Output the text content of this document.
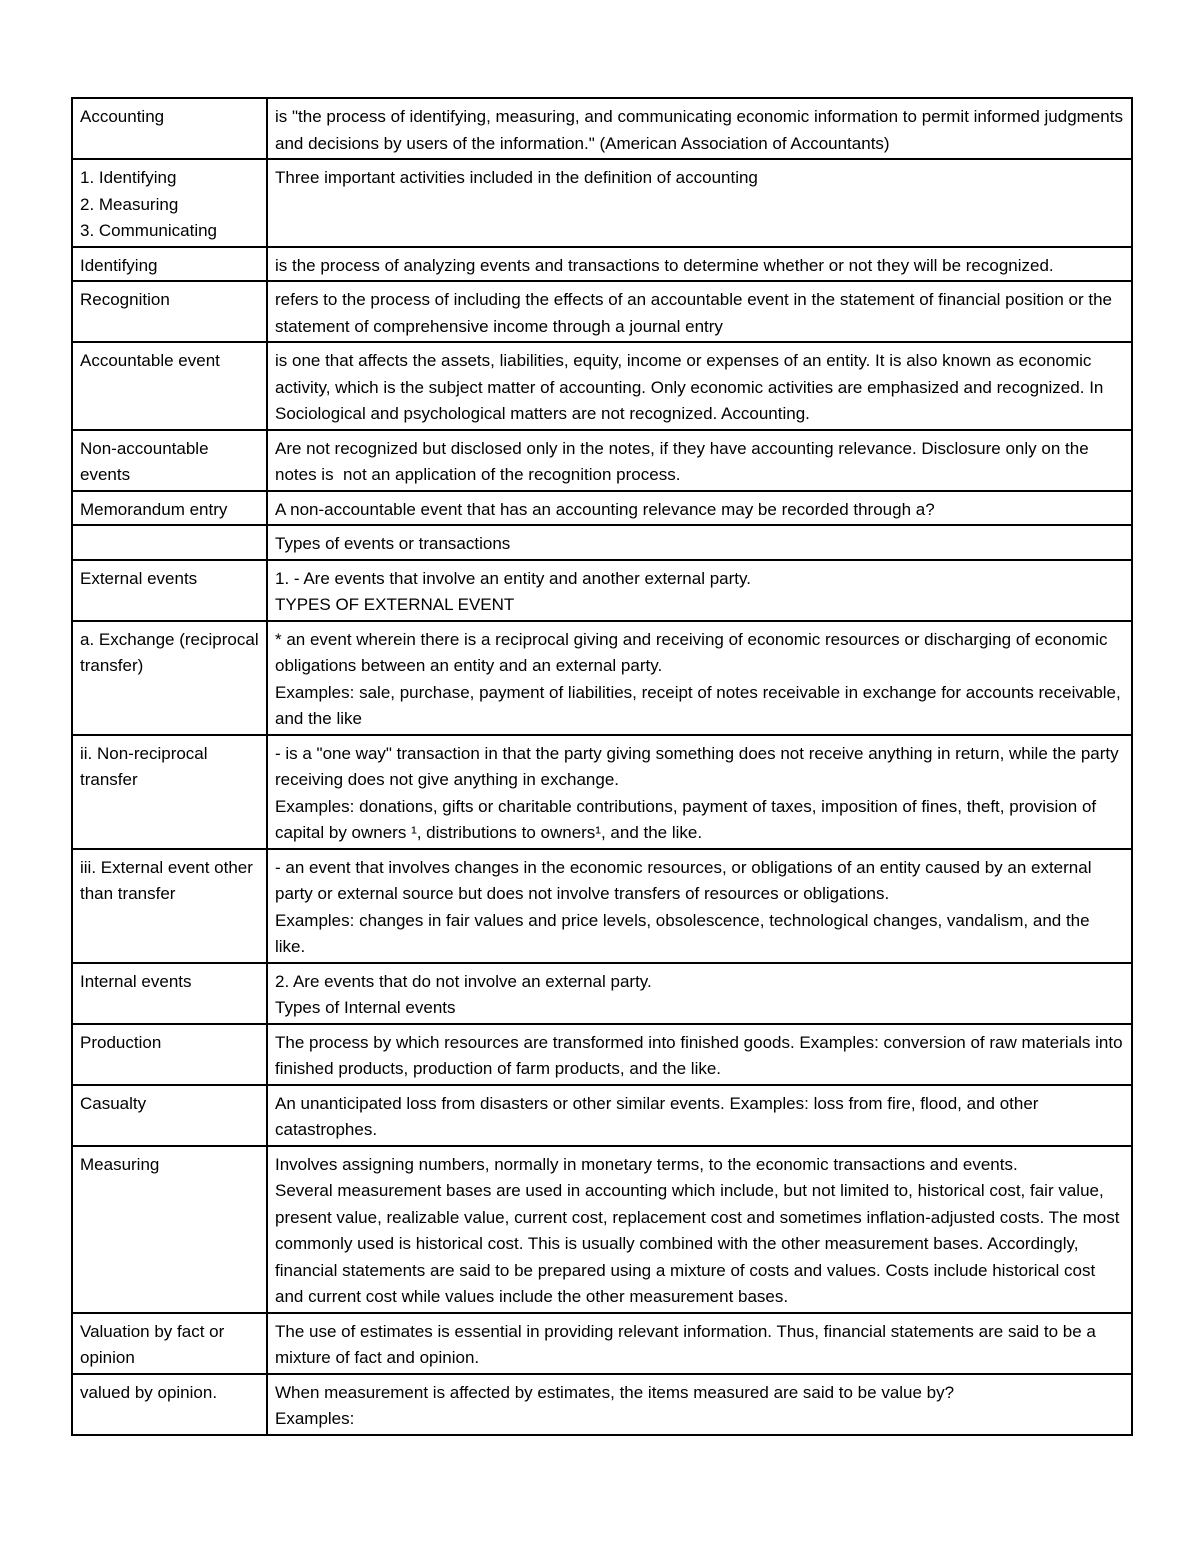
Accounting	is "the process of identifying, measuring, and communicating economic information to permit informed judgments and decisions by users of the information." (American Association of Accountants)

1. Identifying
2. Measuring
3. Communicating	Three important activities included in the definition of accounting

Identifying	is the process of analyzing events and transactions to determine whether or not they will be recognized.

Recognition	refers to the process of including the effects of an accountable event in the statement of financial position or the statement of comprehensive income through a journal entry

Accountable event	is one that affects the assets, liabilities, equity, income or expenses of an entity. It is also known as economic activity, which is the subject matter of accounting. Only economic activities are emphasized and recognized. In Sociological and psychological matters are not recognized. Accounting.

Non-accountable events	Are not recognized but disclosed only in the notes, if they have accounting relevance. Disclosure only on the notes is  not an application of the recognition process.

Memorandum entry	A non-accountable event that has an accounting relevance may be recorded through a?

	Types of events or transactions

External events	1. - Are events that involve an entity and another external party.
TYPES OF EXTERNAL EVENT

a. Exchange (reciprocal transfer)	* an event wherein there is a reciprocal giving and receiving of economic resources or discharging of economic obligations between an entity and an external party.
Examples: sale, purchase, payment of liabilities, receipt of notes receivable in exchange for accounts receivable, and the like

ii. Non-reciprocal transfer	- is a "one way" transaction in that the party giving something does not receive anything in return, while the party receiving does not give anything in exchange.
Examples: donations, gifts or charitable contributions, payment of taxes, imposition of fines, theft, provision of capital by owners ¹, distributions to owners¹, and the like.

iii. External event other than transfer	- an event that involves changes in the economic resources, or obligations of an entity caused by an external party or external source but does not involve transfers of resources or obligations.
Examples: changes in fair values and price levels, obsolescence, technological changes, vandalism, and the like.

Internal events	2. Are events that do not involve an external party.
Types of Internal events

Production	The process by which resources are transformed into finished goods. Examples: conversion of raw materials into finished products, production of farm products, and the like.

Casualty	An unanticipated loss from disasters or other similar events. Examples: loss from fire, flood, and other catastrophes.

Measuring	Involves assigning numbers, normally in monetary terms, to the economic transactions and events.
Several measurement bases are used in accounting which include, but not limited to, historical cost, fair value, present value, realizable value, current cost, replacement cost and sometimes inflation-adjusted costs. The most commonly used is historical cost. This is usually combined with the other measurement bases. Accordingly, financial statements are said to be prepared using a mixture of costs and values. Costs include historical cost and current cost while values include the other measurement bases.

Valuation by fact or opinion	The use of estimates is essential in providing relevant information. Thus, financial statements are said to be a mixture of fact and opinion.

valued by opinion.	When measurement is affected by estimates, the items measured are said to be value by?
Examples:
